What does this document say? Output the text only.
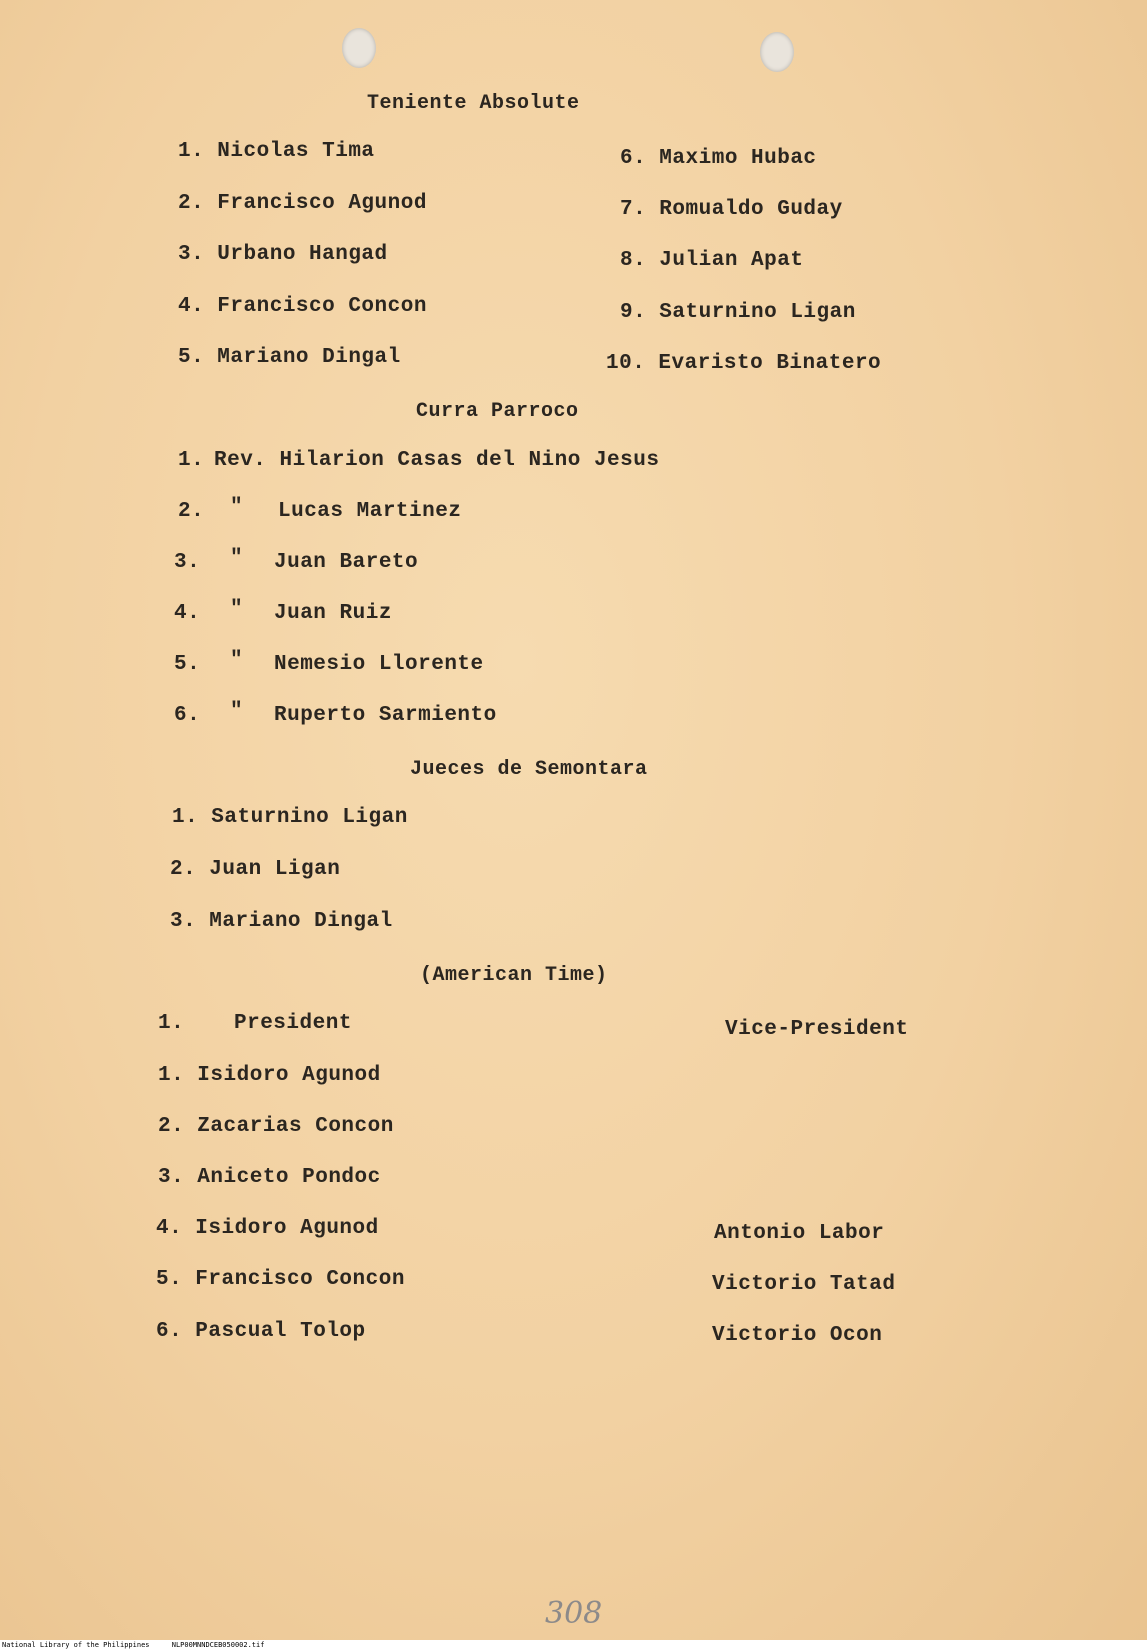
Teniente Absolute
1. Nicolas Tima
2. Francisco Agunod
3. Urbano Hangad
4. Francisco Concon
5. Mariano Dingal
6. Maximo Hubac
7. Romualdo Guday
8. Julian Apat
9. Saturnino Ligan
10. Evaristo Binatero
Curra Parroco
1. Rev. Hilarion Casas del Nino Jesus
2. " Lucas Martinez
3. " Juan Bareto
4. " Juan Ruiz
5. " Nemesio Llorente
6. " Ruperto Sarmiento
Jueces de Semontara
1. Saturnino Ligan
2. Juan Ligan
3. Mariano Dingal
(American Time)
1. President	Vice-President
1. Isidoro Agunod
2. Zacarias Concon
3. Aniceto Pondoc
4. Isidoro Agunod
5. Francisco Concon
6. Pascual Tolop
Antonio Labor
Victorio Tatad
Victorio Ocon
308
National Library of the Philippines	NLP00MNNDCEB050002.tif
